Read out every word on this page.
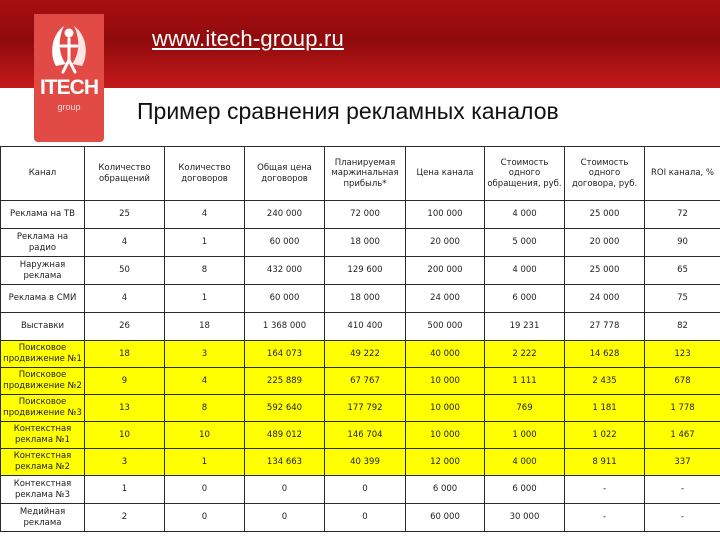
www.itech-group.ru
ITECH
group	Пример сравнения рекламных каналов
Канал	Количество обращений	Количество договоров	Общая цена договоров	Планируемая маржинальная прибыль*	Цена канала	Стоимость одного обращения, руб.	Стоимость одного договора, руб.	ROI канала, %
Реклама на ТВ	25	4	240 000	72 000	100 000	4 000	25 000	72
Реклама на радио	4	1	60 000	18 000	20 000	5 000	20 000	90
Наружная реклама	50	8	432 000	129 600	200 000	4 000	25 000	65
Реклама в СМИ	4	1	60 000	18 000	24 000	6 000	24 000	75
Выставки	26	18	1 368 000	410 400	500 000	19 231	27 778	82
Поисковое продвижение №1	18	3	164 073	49 222	40 000	2 222	14 628	123
Поисковое продвижение №2	9	4	225 889	67 767	10 000	1 111	2 435	678
Поисковое продвижение №3	13	8	592 640	177 792	10 000	769	1 181	1 778
Контекстная реклама №1	10	10	489 012	146 704	10 000	1 000	1 022	1 467
Контекстная реклама №2	3	1	134 663	40 399	12 000	4 000	8 911	337
Контекстная реклама №3	1	0	0	0	6 000	6 000	-	-
Медийная реклама	2	0	0	0	60 000	30 000	-	-
